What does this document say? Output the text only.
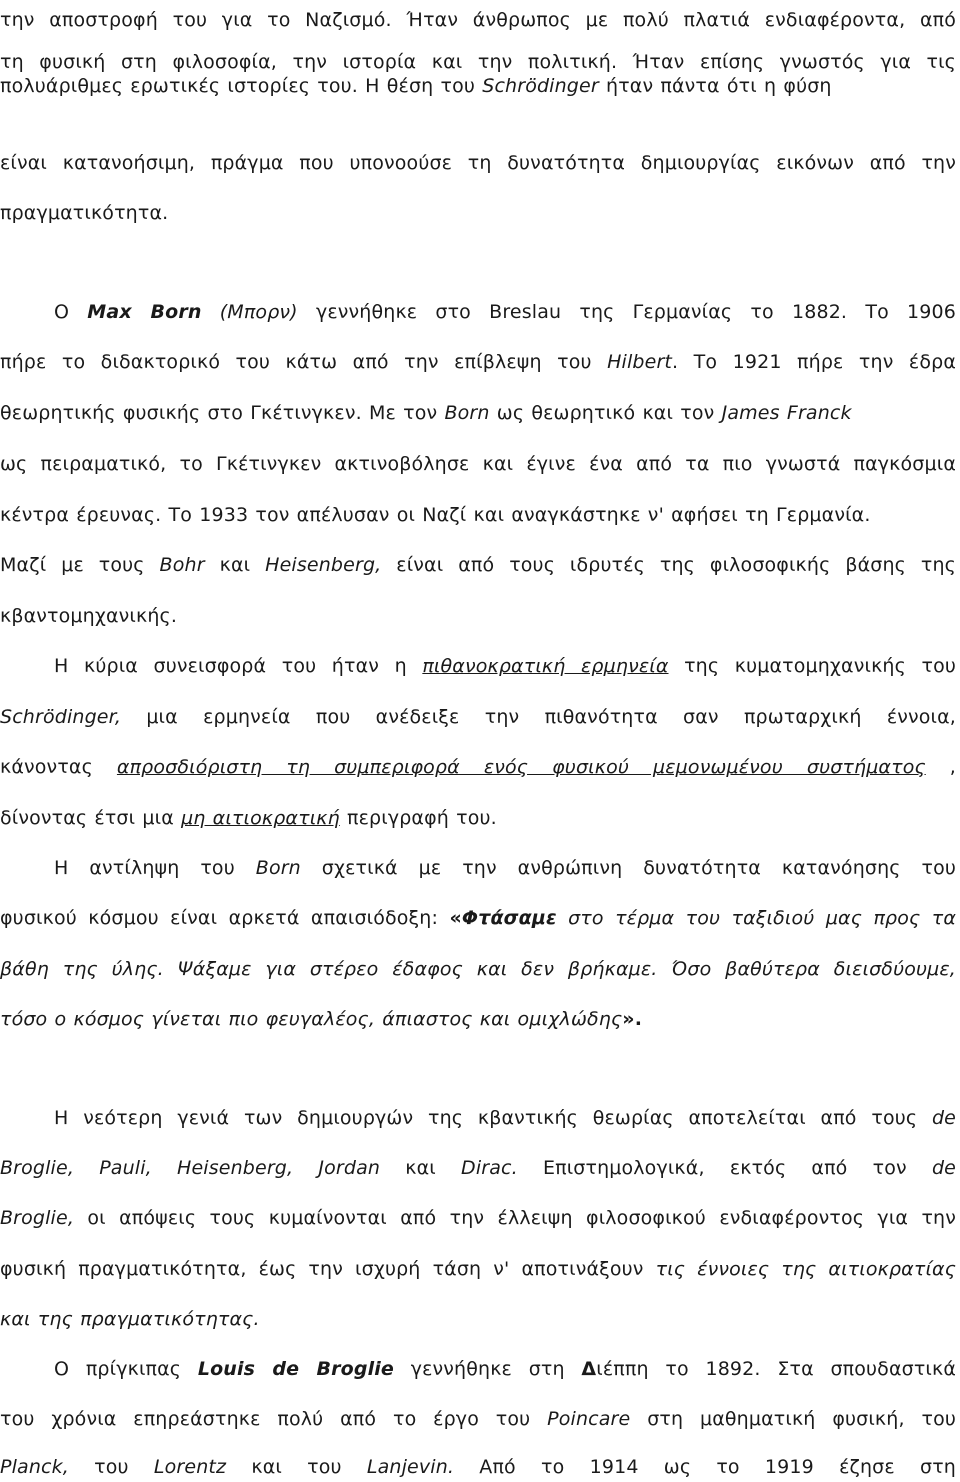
την αποστροφή του για το Ναζισμό. Ήταν άνθρωπος με πολύ πλατιά ενδιαφέροντα, από
τη φυσική στη φιλοσοφία, την ιστορία και την πολιτική. Ήταν επίσης γνωστός για τις
πολυάριθμες ερωτικές ιστορίες του. Η θέση του Schrödinger ήταν πάντα ότι η φύση
είναι κατανοήσιμη, πράγμα που υπονοούσε τη δυνατότητα δημιουργίας εικόνων από την
πραγματικότητα.
Ο Max Born (Μπορν) γεννήθηκε στο Breslau της Γερμανίας το 1882. Το 1906
πήρε το διδακτορικό του κάτω από την επίβλεψη του Hilbert. Το 1921 πήρε την έδρα
θεωρητικής φυσικής στο Γκέτινγκεν. Με τον Born ως θεωρητικό και τον James Franck
ως πειραματικό, το Γκέτινγκεν ακτινοβόλησε και έγινε ένα από τα πιο γνωστά παγκόσμια
κέντρα έρευνας. Το 1933 τον απέλυσαν οι Ναζί και αναγκάστηκε ν' αφήσει τη Γερμανία.
Μαζί με τους Bohr και Heisenberg, είναι από τους ιδρυτές της φιλοσοφικής βάσης της
κβαντομηχανικής.
Η κύρια συνεισφορά του ήταν η πιθανοκρατική ερμηνεία της κυματομηχανικής του
Schrödinger, μια ερμηνεία που ανέδειξε την πιθανότητα σαν πρωταρχική έννοια,
κάνοντας απροσδιόριστη τη συμπεριφορά ενός φυσικού μεμονωμένου συστήματος ,
δίνοντας έτσι μια μη αιτιοκρατική περιγραφή του.
Η αντίληψη του Born σχετικά με την ανθρώπινη δυνατότητα κατανόησης του
φυσικού κόσμου είναι αρκετά απαισιόδοξη: «Φτάσαμε στο τέρμα του ταξιδιού μας προς τα
βάθη της ύλης. Ψάξαμε για στέρεο έδαφος και δεν βρήκαμε. Όσο βαθύτερα διεισδύουμε,
τόσο ο κόσμος γίνεται πιο φευγαλέος, άπιαστος και ομιχλώδης».
Η νεότερη γενιά των δημιουργών της κβαντικής θεωρίας αποτελείται από τους de
Broglie, Pauli, Heisenberg, Jordan και Dirac. Επιστημολογικά, εκτός από τον de
Broglie, οι απόψεις τους κυμαίνονται από την έλλειψη φιλοσοφικού ενδιαφέροντος για την
φυσική πραγματικότητα, έως την ισχυρή τάση ν' αποτινάξουν τις έννοιες της αιτιοκρατίας
και της πραγματικότητας.
Ο πρίγκιπας Louis de Broglie γεννήθηκε στη Διέππη το 1892. Στα σπουδαστικά
του χρόνια επηρεάστηκε πολύ από το έργο του Poincare στη μαθηματική φυσική, του
Planck, του Lorentz και του Lanjevin. Από το 1914 ως το 1919 έζησε στη
